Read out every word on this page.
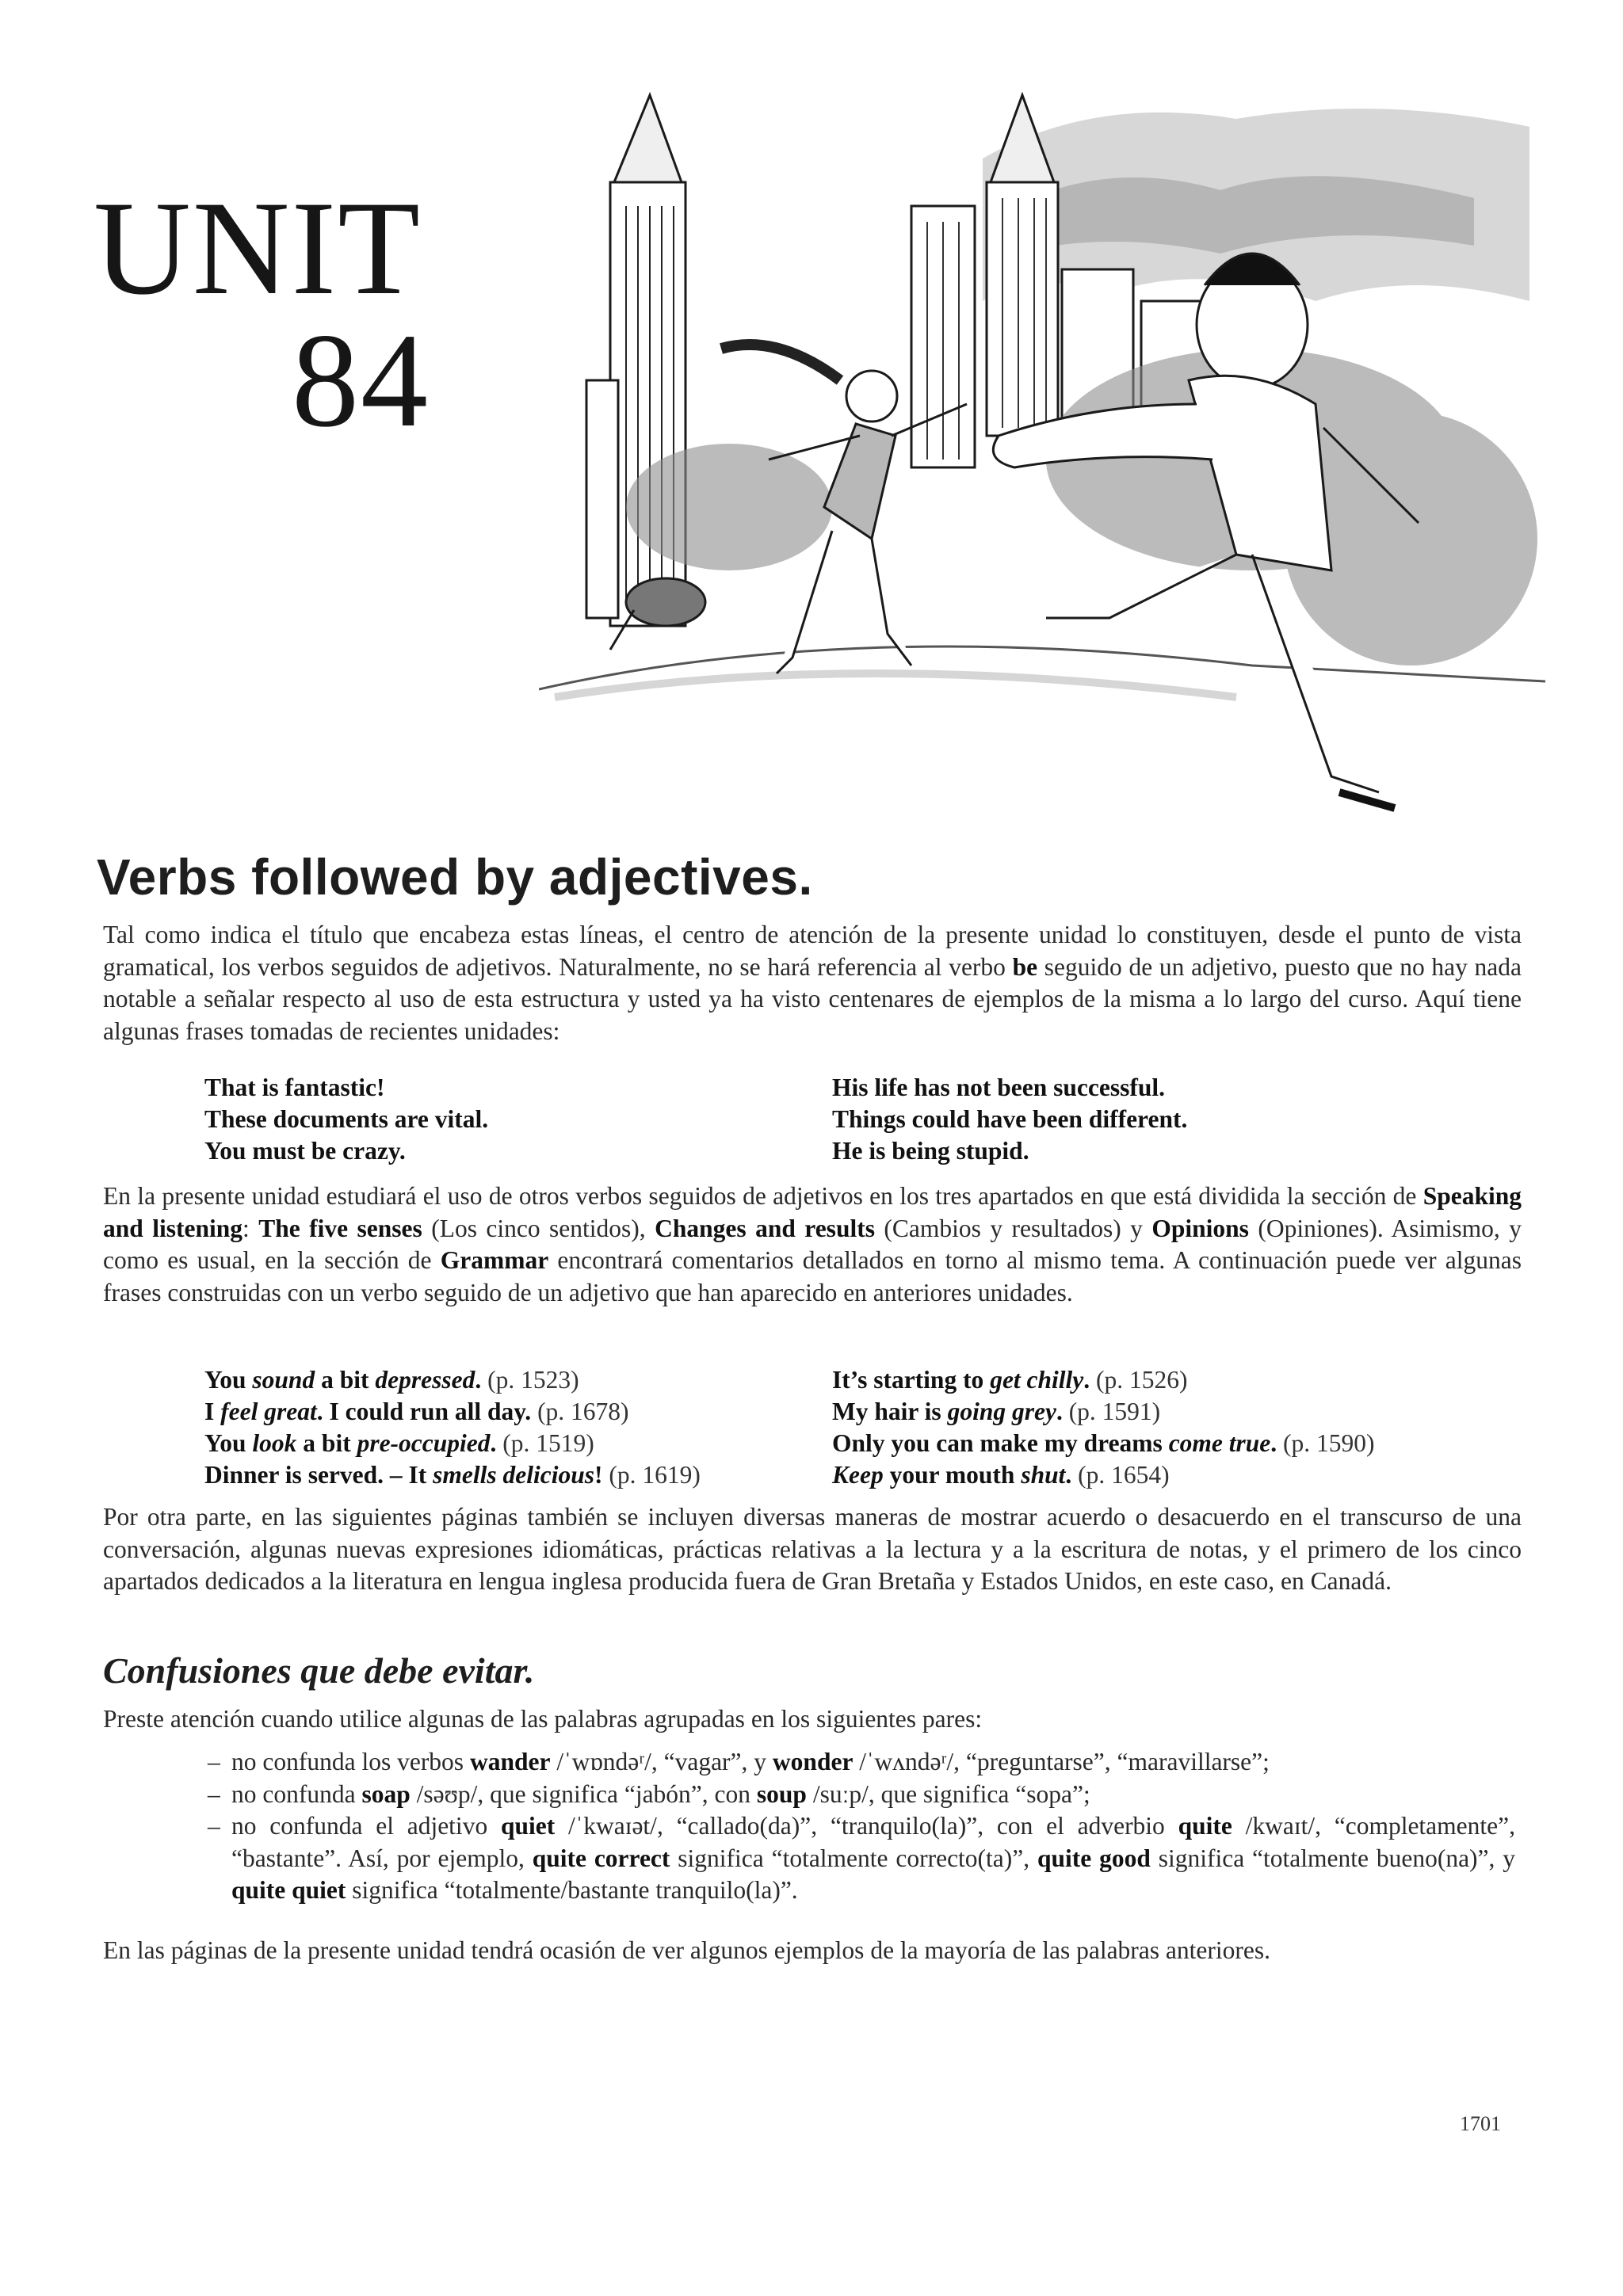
UNIT
84
Verbs followed by adjectives.

Tal como indica el título que encabeza estas líneas, el centro de atención de la presente unidad lo constituyen, desde el punto de vista gramatical, los verbos seguidos de adjetivos. Naturalmente, no se hará referencia al verbo be seguido de un adjetivo, puesto que no hay nada notable a señalar respecto al uso de esta estructura y usted ya ha visto centenares de ejemplos de la misma a lo largo del curso. Aquí tiene algunas frases tomadas de recientes unidades:

That is fantastic!
These documents are vital.
You must be crazy.
His life has not been successful.
Things could have been different.
He is being stupid.

En la presente unidad estudiará el uso de otros verbos seguidos de adjetivos en los tres apartados en que está dividida la sección de Speaking and listening: The five senses (Los cinco sentidos), Changes and results (Cambios y resultados) y Opinions (Opiniones). Asimismo, y como es usual, en la sección de Grammar encontrará comentarios detallados en torno al mismo tema. A continuación puede ver algunas frases construidas con un verbo seguido de un adjetivo que han aparecido en anteriores unidades.

You sound a bit depressed. (p. 1523)
I feel great. I could run all day. (p. 1678)
You look a bit pre-occupied. (p. 1519)
Dinner is served. – It smells delicious! (p. 1619)
It’s starting to get chilly. (p. 1526)
My hair is going grey. (p. 1591)
Only you can make my dreams come true. (p. 1590)
Keep your mouth shut. (p. 1654)

Por otra parte, en las siguientes páginas también se incluyen diversas maneras de mostrar acuerdo o desacuerdo en el transcurso de una conversación, algunas nuevas expresiones idiomáticas, prácticas relativas a la lectura y a la escritura de notas, y el primero de los cinco apartados dedicados a la literatura en lengua inglesa producida fuera de Gran Bretaña y Estados Unidos, en este caso, en Canadá.

Confusiones que debe evitar.

Preste atención cuando utilice algunas de las palabras agrupadas en los siguientes pares:

– no confunda los verbos wander /ˈwɒndəʳ/, “vagar”, y wonder /ˈwʌndəʳ/, “preguntarse”, “maravillarse”;
– no confunda soap /səʊp/, que significa “jabón”, con soup /suːp/, que significa “sopa”;
– no confunda el adjetivo quiet /ˈkwaɪət/, “callado(da)”, “tranquilo(la)”, con el adverbio quite /kwaɪt/, “completamente”, “bastante”. Así, por ejemplo, quite correct significa “totalmente correcto(ta)”, quite good significa “totalmente bueno(na)”, y quite quiet significa “totalmente/bastante tranquilo(la)”.

En las páginas de la presente unidad tendrá ocasión de ver algunos ejemplos de la mayoría de las palabras anteriores.

1701
